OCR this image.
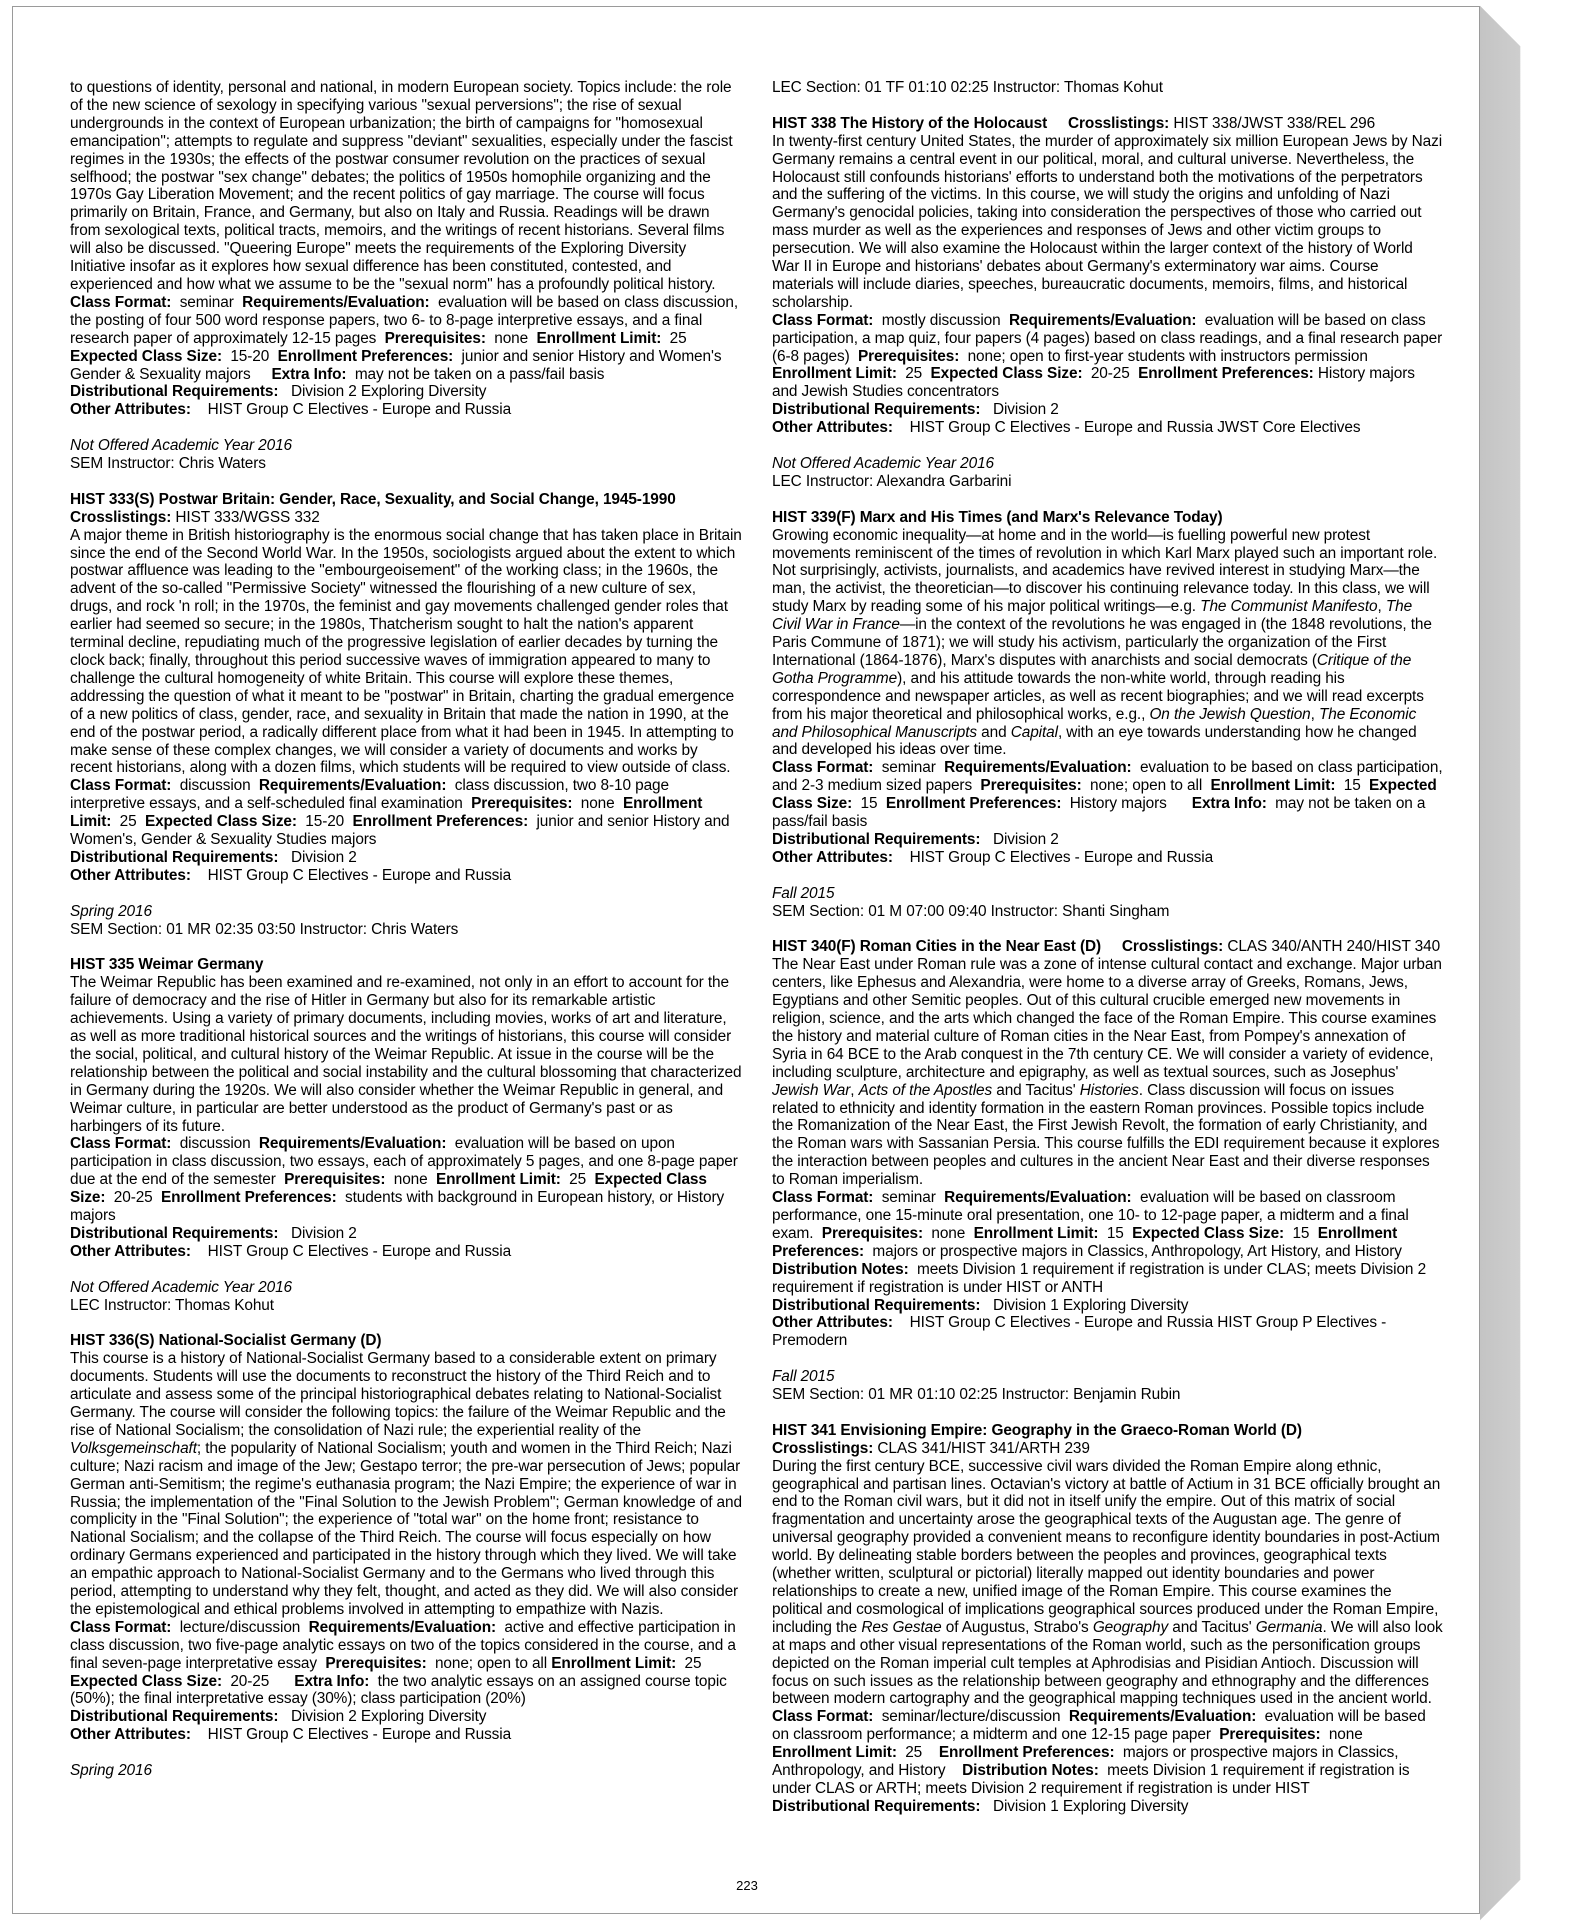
to questions of identity, personal and national, in modern European society. Topics include: the role of the new science of sexology in specifying various "sexual perversions"; the rise of sexual undergrounds in the context of European urbanization; the birth of campaigns for "homosexual emancipation"; attempts to regulate and suppress "deviant" sexualities, especially under the fascist regimes in the 1930s; the effects of the postwar consumer revolution on the practices of sexual selfhood; the postwar "sex change" debates; the politics of 1950s homophile organizing and the 1970s Gay Liberation Movement; and the recent politics of gay marriage. The course will focus primarily on Britain, France, and Germany, but also on Italy and Russia. Readings will be drawn from sexological texts, political tracts, memoirs, and the writings of recent historians. Several films will also be discussed. "Queering Europe" meets the requirements of the Exploring Diversity Initiative insofar as it explores how sexual difference has been constituted, contested, and experienced and how what we assume to be the "sexual norm" has a profoundly political history.

Class Format: seminar Requirements/Evaluation: evaluation will be based on class discussion, the posting of four 500 word response papers, two 6- to 8-page interpretive essays, and a final research paper of approximately 12-15 pages Prerequisites: none Enrollment Limit: 25  Expected Class Size: 15-20 Enrollment Preferences: junior and senior History and Women's Gender & Sexuality majors Extra Info: may not be taken on a pass/fail basis

Distributional Requirements: Division 2 Exploring Diversity

Other Attributes: HIST Group C Electives - Europe and Russia

Not Offered Academic Year 2016

SEM Instructor: Chris Waters

HIST 333(S) Postwar Britain: Gender, Race, Sexuality, and Social Change, 1945-1990

Crosslistings: HIST 333/WGSS 332

A major theme in British historiography is the enormous social change that has taken place in Britain since the end of the Second World War. In the 1950s, sociologists argued about the extent to which postwar affluence was leading to the "embourgeoisement" of the working class; in the 1960s, the advent of the so-called "Permissive Society" witnessed the flourishing of a new culture of sex, drugs, and rock 'n roll; in the 1970s, the feminist and gay movements challenged gender roles that earlier had seemed so secure; in the 1980s, Thatcherism sought to halt the nation's apparent terminal decline, repudiating much of the progressive legislation of earlier decades by turning the clock back; finally, throughout this period successive waves of immigration appeared to many to challenge the cultural homogeneity of white Britain. This course will explore these themes, addressing the question of what it meant to be "postwar" in Britain, charting the gradual emergence of a new politics of class, gender, race, and sexuality in Britain that made the nation in 1990, at the end of the postwar period, a radically different place from what it had been in 1945. In attempting to make sense of these complex changes, we will consider a variety of documents and works by recent historians, along with a dozen films, which students will be required to view outside of class.

Class Format: discussion Requirements/Evaluation: class discussion, two 8-10 page interpretive essays, and a self-scheduled final examination Prerequisites: none Enrollment Limit: 25 Expected Class Size: 15-20 Enrollment Preferences: junior and senior History and Women's, Gender & Sexuality Studies majors

Distributional Requirements: Division 2

Other Attributes: HIST Group C Electives - Europe and Russia

Spring 2016

SEM Section: 01 MR 02:35 03:50 Instructor: Chris Waters

HIST 335 Weimar Germany

The Weimar Republic has been examined and re-examined, not only in an effort to account for the failure of democracy and the rise of Hitler in Germany but also for its remarkable artistic achievements. Using a variety of primary documents, including movies, works of art and literature, as well as more traditional historical sources and the writings of historians, this course will consider the social, political, and cultural history of the Weimar Republic. At issue in the course will be the relationship between the political and social instability and the cultural blossoming that characterized in Germany during the 1920s. We will also consider whether the Weimar Republic in general, and Weimar culture, in particular are better understood as the product of Germany's past or as harbingers of its future.

Class Format: discussion Requirements/Evaluation: evaluation will be based on upon participation in class discussion, two essays, each of approximately 5 pages, and one 8-page paper due at the end of the semester Prerequisites: none Enrollment Limit: 25 Expected Class Size: 20-25 Enrollment Preferences: students with background in European history, or History majors

Distributional Requirements: Division 2

Other Attributes: HIST Group C Electives - Europe and Russia

Not Offered Academic Year 2016

LEC Instructor: Thomas Kohut

HIST 336(S) National-Socialist Germany (D)

This course is a history of National-Socialist Germany based to a considerable extent on primary documents. Students will use the documents to reconstruct the history of the Third Reich and to articulate and assess some of the principal historiographical debates relating to National-Socialist Germany. The course will consider the following topics: the failure of the Weimar Republic and the rise of National Socialism; the consolidation of Nazi rule; the experiential reality of the Volksgemeinschaft; the popularity of National Socialism; youth and women in the Third Reich; Nazi culture; Nazi racism and image of the Jew; Gestapo terror; the pre-war persecution of Jews; popular German anti-Semitism; the regime's euthanasia program; the Nazi Empire; the experience of war in Russia; the implementation of the "Final Solution to the Jewish Problem"; German knowledge of and complicity in the "Final Solution"; the experience of "total war" on the home front; resistance to National Socialism; and the collapse of the Third Reich. The course will focus especially on how ordinary Germans experienced and participated in the history through which they lived. We will take an empathic approach to National-Socialist Germany and to the Germans who lived through this period, attempting to understand why they felt, thought, and acted as they did. We will also consider the epistemological and ethical problems involved in attempting to empathize with Nazis.

Class Format: lecture/discussion Requirements/Evaluation: active and effective participation in class discussion, two five-page analytic essays on two of the topics considered in the course, and a final seven-page interpretative essay Prerequisites: none; open to all Enrollment Limit: 25  Expected Class Size: 20-25 Extra Info: the two analytic essays on an assigned course topic (50%); the final interpretative essay (30%); class participation (20%)

Distributional Requirements: Division 2 Exploring Diversity

Other Attributes: HIST Group C Electives - Europe and Russia

Spring 2016

LEC Section: 01 TF 01:10 02:25 Instructor: Thomas Kohut

HIST 338 The History of the Holocaust Crosslistings: HIST 338/JWST 338/REL 296

In twenty-first century United States, the murder of approximately six million European Jews by Nazi Germany remains a central event in our political, moral, and cultural universe. Nevertheless, the Holocaust still confounds historians' efforts to understand both the motivations of the perpetrators and the suffering of the victims. In this course, we will study the origins and unfolding of Nazi Germany's genocidal policies, taking into consideration the perspectives of those who carried out mass murder as well as the experiences and responses of Jews and other victim groups to persecution. We will also examine the Holocaust within the larger context of the history of World War II in Europe and historians' debates about Germany's exterminatory war aims. Course materials will include diaries, speeches, bureaucratic documents, memoirs, films, and historical scholarship.

Class Format: mostly discussion Requirements/Evaluation: evaluation will be based on class participation, a map quiz, four papers (4 pages) based on class readings, and a final research paper (6-8 pages) Prerequisites: none; open to first-year students with instructors permission  Enrollment Limit: 25 Expected Class Size: 20-25 Enrollment Preferences: History majors and Jewish Studies concentrators

Distributional Requirements: Division 2

Other Attributes: HIST Group C Electives - Europe and Russia JWST Core Electives

Not Offered Academic Year 2016

LEC Instructor: Alexandra Garbarini

HIST 339(F) Marx and His Times (and Marx's Relevance Today)

Growing economic inequality—at home and in the world—is fuelling powerful new protest movements reminiscent of the times of revolution in which Karl Marx played such an important role. Not surprisingly, activists, journalists, and academics have revived interest in studying Marx—the man, the activist, the theoretician—to discover his continuing relevance today. In this class, we will study Marx by reading some of his major political writings—e.g. The Communist Manifesto, The Civil War in France—in the context of the revolutions he was engaged in (the 1848 revolutions, the Paris Commune of 1871); we will study his activism, particularly the organization of the First International (1864-1876), Marx's disputes with anarchists and social democrats (Critique of the Gotha Programme), and his attitude towards the non-white world, through reading his correspondence and newspaper articles, as well as recent biographies; and we will read excerpts from his major theoretical and philosophical works, e.g., On the Jewish Question, The Economic and Philosophical Manuscripts and Capital, with an eye towards understanding how he changed and developed his ideas over time.

Class Format: seminar Requirements/Evaluation: evaluation to be based on class participation, and 2-3 medium sized papers Prerequisites: none; open to all Enrollment Limit: 15 Expected Class Size: 15 Enrollment Preferences: History majors Extra Info: may not be taken on a pass/fail basis

Distributional Requirements: Division 2

Other Attributes: HIST Group C Electives - Europe and Russia

Fall 2015

SEM Section: 01 M 07:00 09:40 Instructor: Shanti Singham

HIST 340(F) Roman Cities in the Near East (D) Crosslistings: CLAS 340/ANTH 240/HIST 340

The Near East under Roman rule was a zone of intense cultural contact and exchange. Major urban centers, like Ephesus and Alexandria, were home to a diverse array of Greeks, Romans, Jews, Egyptians and other Semitic peoples. Out of this cultural crucible emerged new movements in religion, science, and the arts which changed the face of the Roman Empire. This course examines the history and material culture of Roman cities in the Near East, from Pompey's annexation of Syria in 64 BCE to the Arab conquest in the 7th century CE. We will consider a variety of evidence, including sculpture, architecture and epigraphy, as well as textual sources, such as Josephus' Jewish War, Acts of the Apostles and Tacitus' Histories. Class discussion will focus on issues related to ethnicity and identity formation in the eastern Roman provinces. Possible topics include the Romanization of the Near East, the First Jewish Revolt, the formation of early Christianity, and the Roman wars with Sassanian Persia. This course fulfills the EDI requirement because it explores the interaction between peoples and cultures in the ancient Near East and their diverse responses to Roman imperialism.

Class Format: seminar Requirements/Evaluation: evaluation will be based on classroom performance, one 15-minute oral presentation, one 10- to 12-page paper, a midterm and a final exam. Prerequisites: none Enrollment Limit: 15 Expected Class Size: 15 Enrollment Preferences: majors or prospective majors in Classics, Anthropology, Art History, and History

Distribution Notes: meets Division 1 requirement if registration is under CLAS; meets Division 2 requirement if registration is under HIST or ANTH

Distributional Requirements: Division 1 Exploring Diversity

Other Attributes: HIST Group C Electives - Europe and Russia HIST Group P Electives - Premodern

Fall 2015

SEM Section: 01 MR 01:10 02:25 Instructor: Benjamin Rubin

HIST 341 Envisioning Empire: Geography in the Graeco-Roman World (D)

Crosslistings: CLAS 341/HIST 341/ARTH 239

During the first century BCE, successive civil wars divided the Roman Empire along ethnic, geographical and partisan lines. Octavian's victory at battle of Actium in 31 BCE officially brought an end to the Roman civil wars, but it did not in itself unify the empire. Out of this matrix of social fragmentation and uncertainty arose the geographical texts of the Augustan age. The genre of universal geography provided a convenient means to reconfigure identity boundaries in post-Actium world. By delineating stable borders between the peoples and provinces, geographical texts (whether written, sculptural or pictorial) literally mapped out identity boundaries and power relationships to create a new, unified image of the Roman Empire. This course examines the political and cosmological of implications geographical sources produced under the Roman Empire, including the Res Gestae of Augustus, Strabo's Geography and Tacitus' Germania. We will also look at maps and other visual representations of the Roman world, such as the personification groups depicted on the Roman imperial cult temples at Aphrodisias and Pisidian Antioch. Discussion will focus on such issues as the relationship between geography and ethnography and the differences between modern cartography and the geographical mapping techniques used in the ancient world.

Class Format: seminar/lecture/discussion Requirements/Evaluation: evaluation will be based on classroom performance; a midterm and one 12-15 page paper Prerequisites: none Enrollment Limit: 25 Enrollment Preferences: majors or prospective majors in Classics, Anthropology, and History Distribution Notes: meets Division 1 requirement if registration is under CLAS or ARTH; meets Division 2 requirement if registration is under HIST

Distributional Requirements: Division 1 Exploring Diversity

223
